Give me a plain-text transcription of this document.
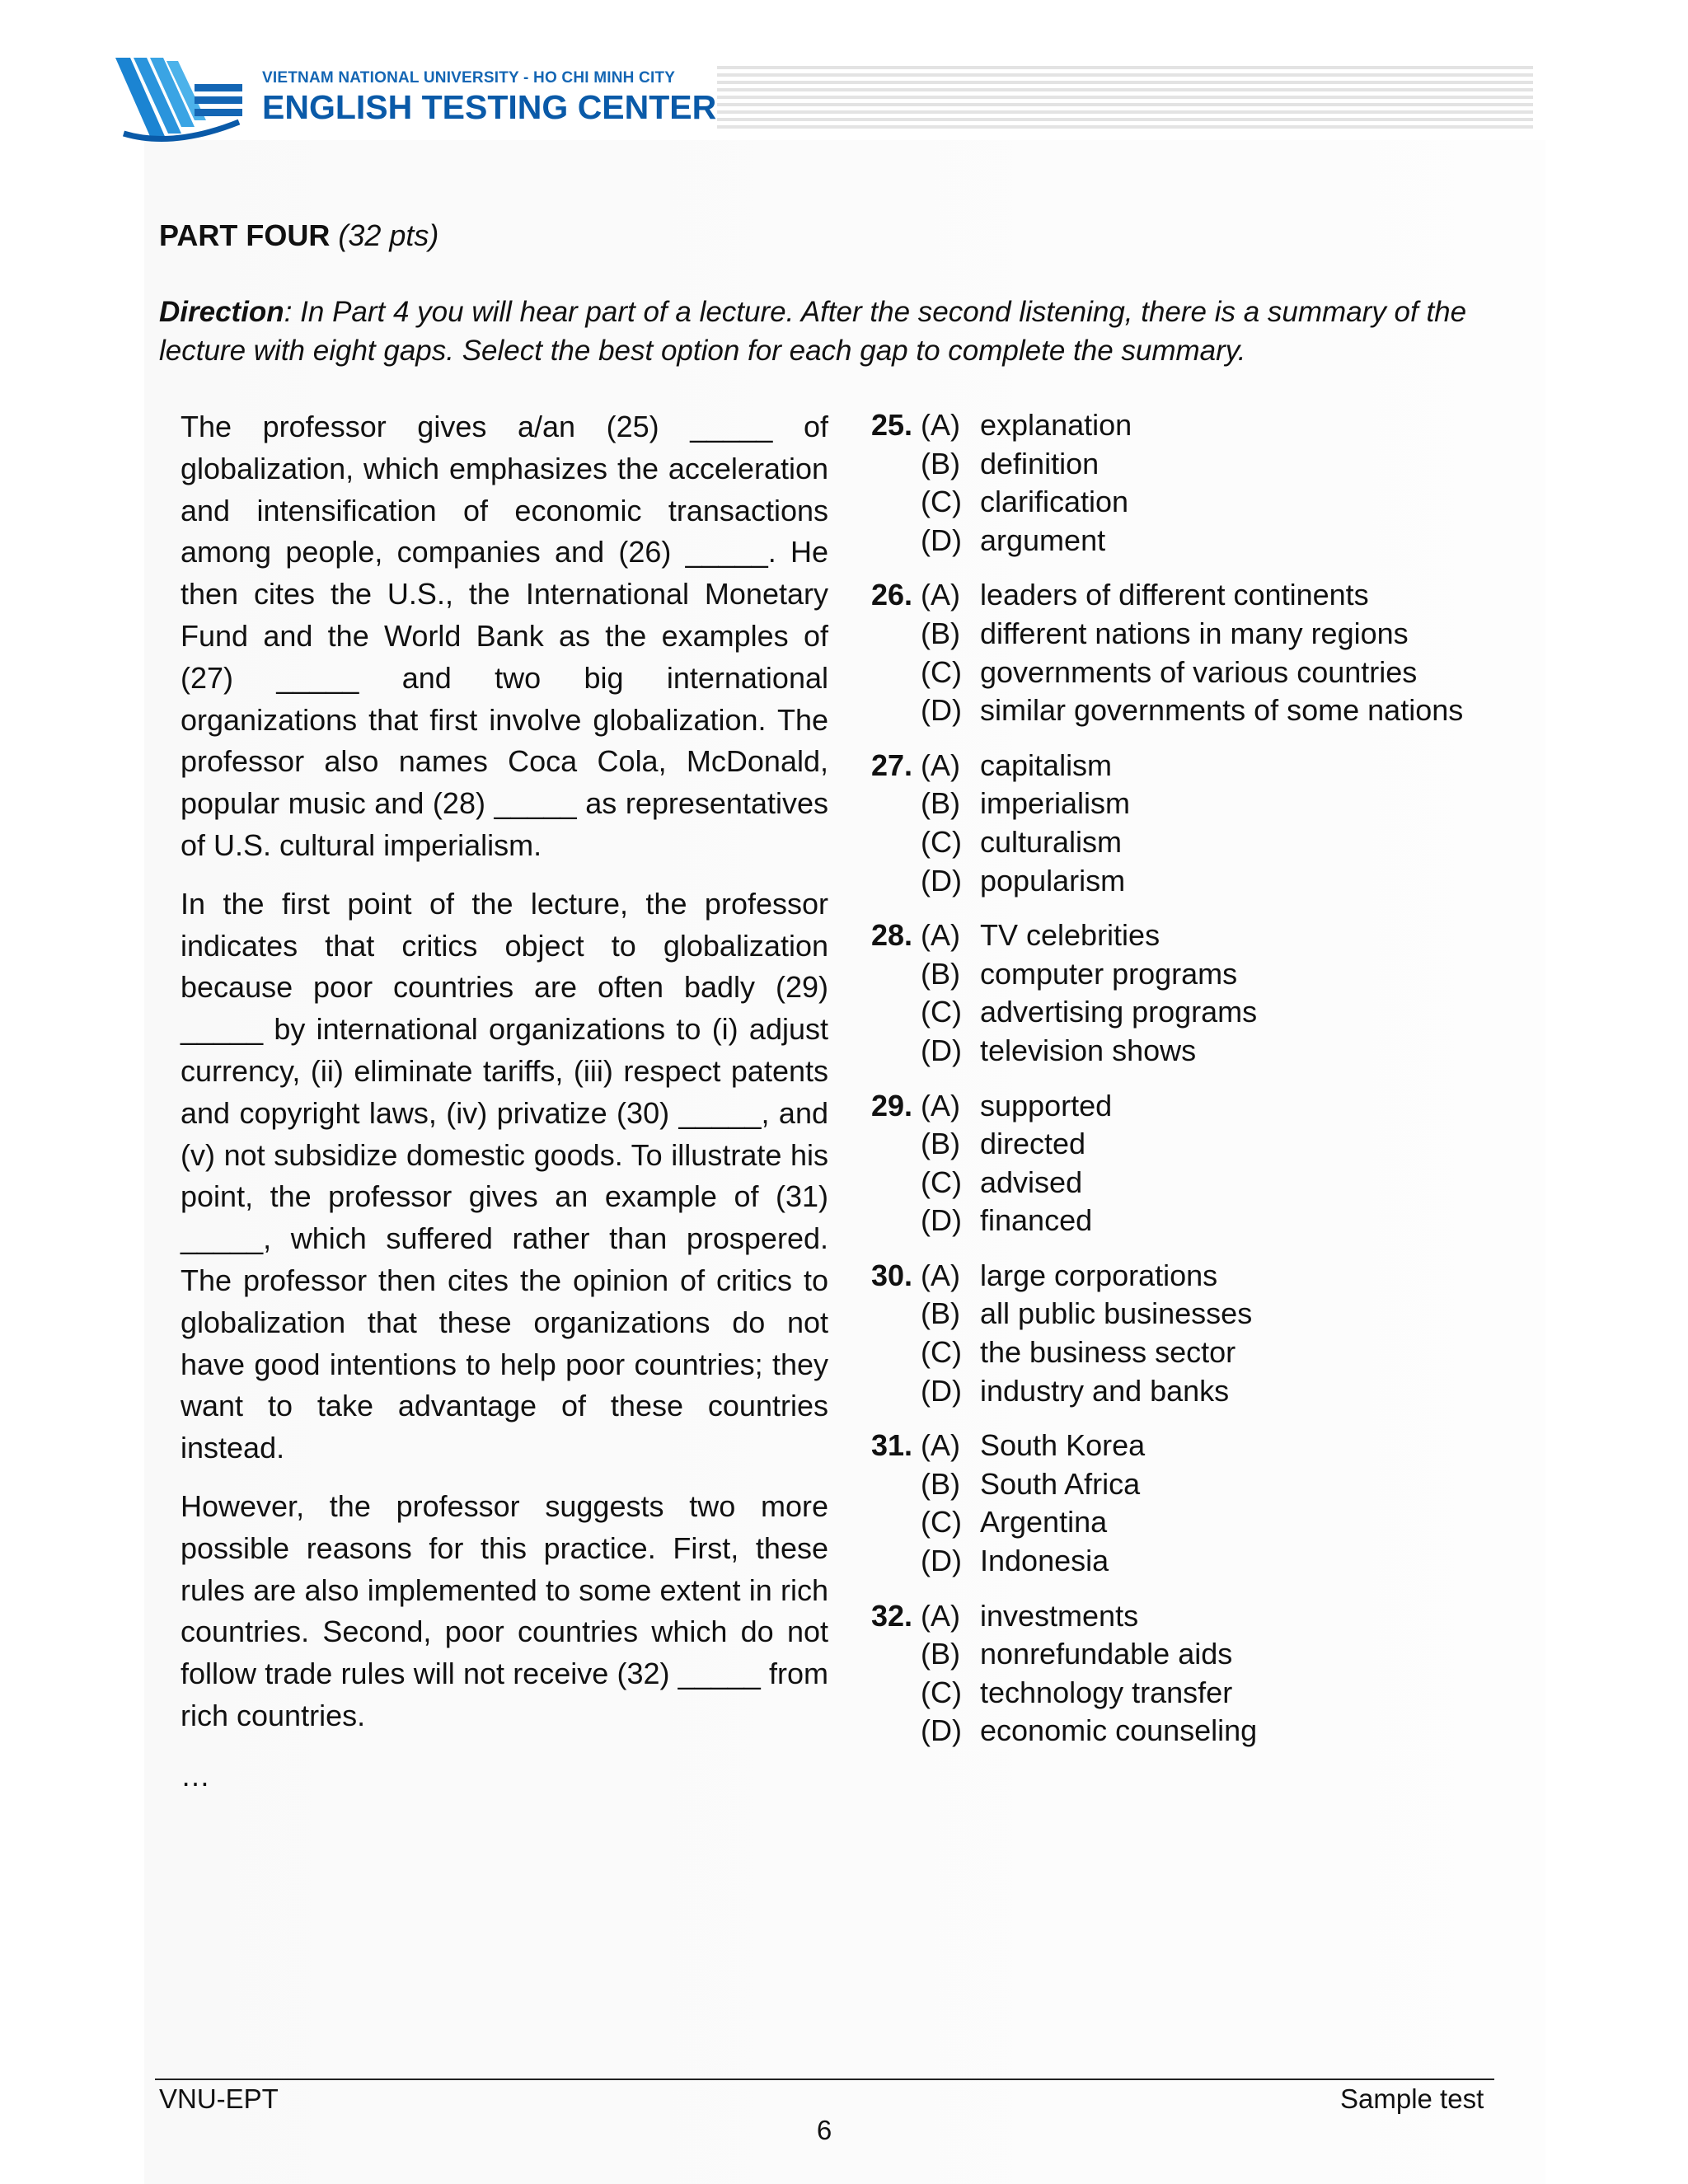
VIETNAM NATIONAL UNIVERSITY - HO CHI MINH CITY
ENGLISH TESTING CENTER
PART FOUR (32 pts)
Direction: In Part 4 you will hear part of a lecture. After the second listening, there is a summary of the lecture with eight gaps. Select the best option for each gap to complete the summary.

The professor gives a/an (25) _____ of globalization, which emphasizes the acceleration and intensification of economic transactions among people, companies and (26) _____. He then cites the U.S., the International Monetary Fund and the World Bank as the examples of (27) _____ and two big international organizations that first involve globalization. The professor also names Coca Cola, McDonald, popular music and (28) _____ as representatives of U.S. cultural imperialism.

In the first point of the lecture, the professor indicates that critics object to globalization because poor countries are often badly (29) _____ by international organizations to (i) adjust currency, (ii) eliminate tariffs, (iii) respect patents and copyright laws, (iv) privatize (30) _____, and (v) not subsidize domestic goods. To illustrate his point, the professor gives an example of (31) _____, which suffered rather than prospered. The professor then cites the opinion of critics to globalization that these organizations do not have good intentions to help poor countries; they want to take advantage of these countries instead.

However, the professor suggests two more possible reasons for this practice. First, these rules are also implemented to some extent in rich countries. Second, poor countries which do not follow trade rules will not receive (32) _____ from rich countries.

…
25. (A) explanation
(B) definition
(C) clarification
(D) argument
26. (A) leaders of different continents
(B) different nations in many regions
(C) governments of various countries
(D) similar governments of some nations
27. (A) capitalism
(B) imperialism
(C) culturalism
(D) popularism
28. (A) TV celebrities
(B) computer programs
(C) advertising programs
(D) television shows
29. (A) supported
(B) directed
(C) advised
(D) financed
30. (A) large corporations
(B) all public businesses
(C) the business sector
(D) industry and banks
31. (A) South Korea
(B) South Africa
(C) Argentina
(D) Indonesia
32. (A) investments
(B) nonrefundable aids
(C) technology transfer
(D) economic counseling
VNU-EPT	Sample test
6
